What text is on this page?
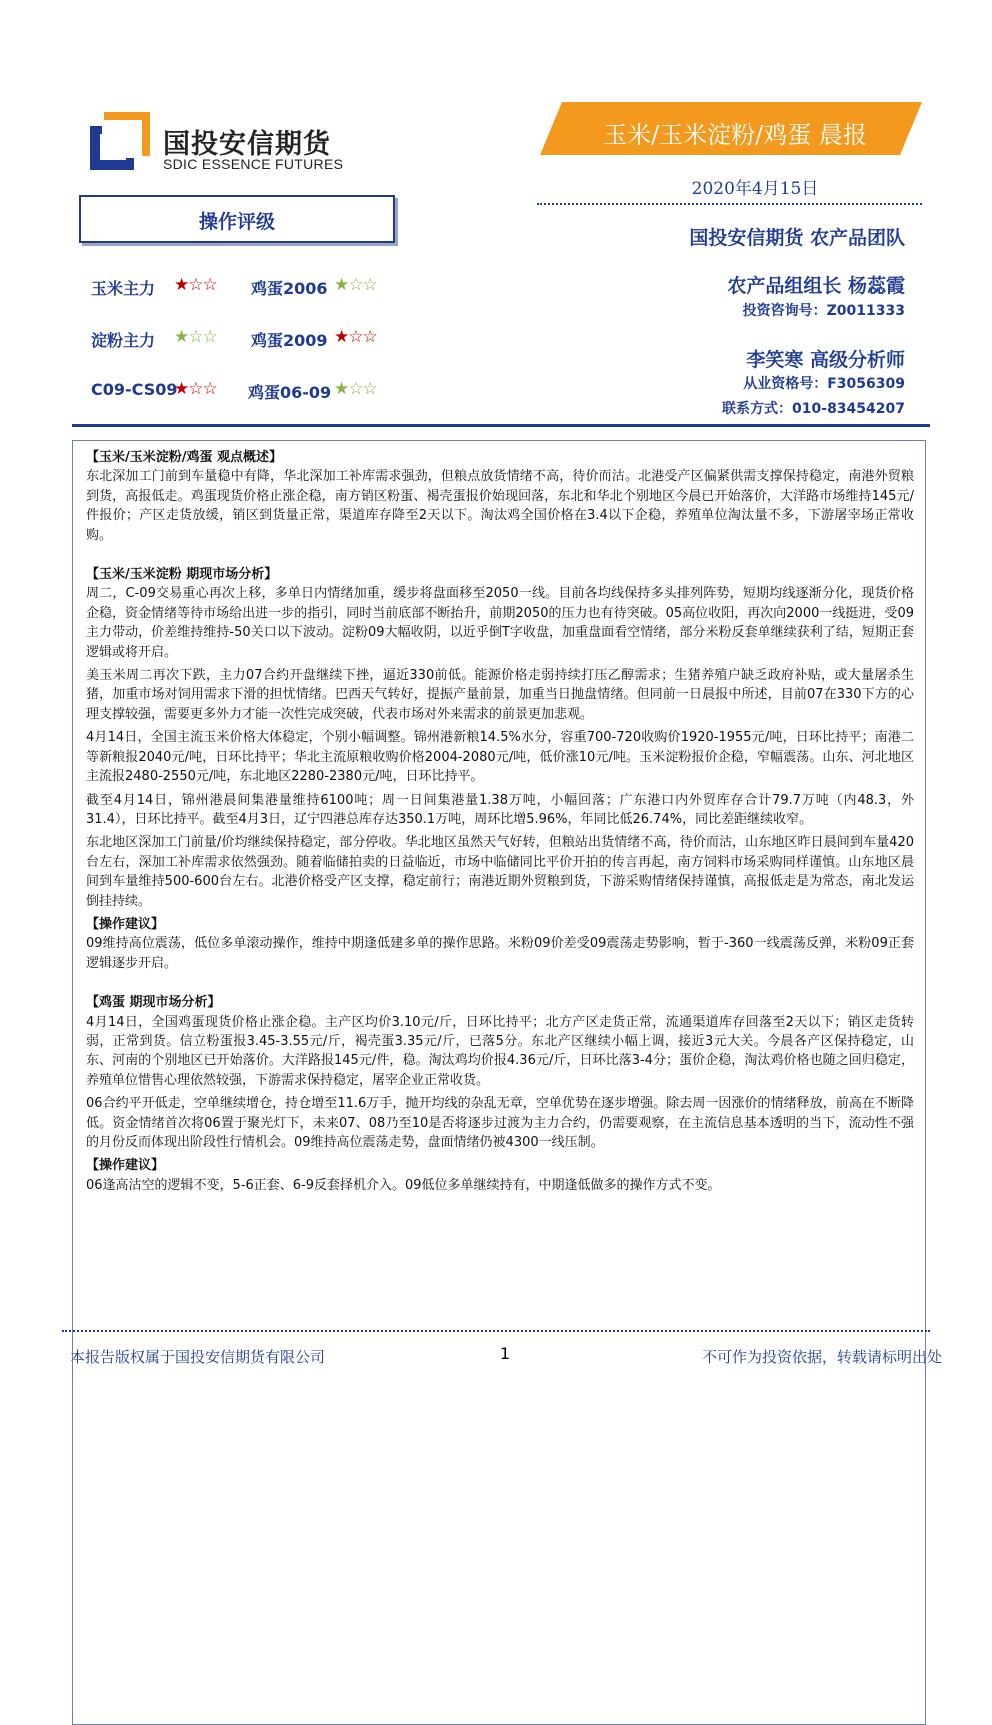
国投安信期货
SDIC ESSENCE FUTURES
玉米/玉米淀粉/鸡蛋 晨报
2020年4月15日
国投安信期货 农产品团队
农产品组组长 杨蕊霞
投资咨询号：Z0011333
李笑寒 高级分析师
从业资格号：F3056309
联系方式：010-83454207
操作评级
玉米主力 ★☆☆ 鸡蛋2006 ★☆☆
淀粉主力 ★☆☆ 鸡蛋2009 ★☆☆
C09-CS09
★☆☆ 鸡蛋06-09 ★☆☆
【玉米/玉米淀粉/鸡蛋 观点概述】

东北深加工门前到车量稳中有降，华北深加工补库需求强劲，但粮点放货情绪不高，待价而沽。北港受产区偏紧供需支撑保持稳定，南港外贸粮到货，高报低走。鸡蛋现货价格止涨企稳，南方销区粉蛋、褐壳蛋报价始现回落，东北和华北个别地区今晨已开始落价，大洋路市场维持145元/件报价；产区走货放缓，销区到货量正常，渠道库存降至2天以下。淘汰鸡全国价格在3.4以下企稳，养殖单位淘汰量不多，下游屠宰场正常收购。

【玉米/玉米淀粉 期现市场分析】

周二，C-09交易重心再次上移，多单日内情绪加重，缓步将盘面移至2050一线。目前各均线保持多头排列阵势，短期均线逐渐分化，现货价格企稳，资金情绪等待市场给出进一步的指引，同时当前底部不断抬升，前期2050的压力也有待突破。05高位收阳，再次向2000一线挺进，受09主力带动，价差维持维持-50关口以下波动。淀粉09大幅收阴，以近乎倒T字收盘，加重盘面看空情绪，部分米粉反套单继续获利了结，短期正套逻辑或将开启。

美玉米周二再次下跌，主力07合约开盘继续下挫，逼近330前低。能源价格走弱持续打压乙醇需求；生猪养殖户缺乏政府补贴，或大量屠杀生猪，加重市场对饲用需求下滑的担忧情绪。巴西天气转好，提振产量前景，加重当日抛盘情绪。但同前一日晨报中所述，目前07在330下方的心理支撑较强，需要更多外力才能一次性完成突破，代表市场对外来需求的前景更加悲观。

4月14日，全国主流玉米价格大体稳定，个别小幅调整。锦州港新粮14.5%水分，容重700-720收购价1920-1955元/吨，日环比持平；南港二等新粮报2040元/吨，日环比持平；华北主流原粮收购价格2004-2080元/吨，低价涨10元/吨。玉米淀粉报价企稳，窄幅震荡。山东、河北地区主流报2480-2550元/吨，东北地区2280-2380元/吨，日环比持平。

截至4月14日，锦州港晨间集港量维持6100吨；周一日间集港量1.38万吨，小幅回落；广东港口内外贸库存合计79.7万吨（内48.3，外31.4），日环比持平。截至4月3日，辽宁四港总库存达350.1万吨，周环比增5.96%，年同比低26.74%，同比差距继续收窄。

东北地区深加工门前量/价均继续保持稳定，部分停收。华北地区虽然天气好转，但粮站出货情绪不高，待价而沽，山东地区昨日晨间到车量420台左右，深加工补库需求依然强劲。随着临储拍卖的日益临近，市场中临储同比平价开拍的传言再起，南方饲料市场采购同样谨慎。山东地区晨间到车量维持500-600台左右。北港价格受产区支撑，稳定前行；南港近期外贸粮到货，下游采购情绪保持谨慎，高报低走是为常态，南北发运倒挂持续。

【操作建议】

09维持高位震荡，低位多单滚动操作，维持中期逢低建多单的操作思路。米粉09价差受09震荡走势影响，暂于-360一线震荡反弹，米粉09正套逻辑逐步开启。

【鸡蛋 期现市场分析】

4月14日，全国鸡蛋现货价格止涨企稳。主产区均价3.10元/斤，日环比持平；北方产区走货正常，流通渠道库存回落至2天以下；销区走货转弱，正常到货。信立粉蛋报3.45-3.55元/斤，褐壳蛋3.35元/斤，已落5分。东北产区继续小幅上调，接近3元大关。今晨各产区保持稳定，山东、河南的个别地区已开始落价。大洋路报145元/件，稳。淘汰鸡均价报4.36元/斤，日环比落3-4分；蛋价企稳，淘汰鸡价格也随之回归稳定，养殖单位惜售心理依然较强，下游需求保持稳定，屠宰企业正常收货。

06合约平开低走，空单继续增仓，持仓增至11.6万手，抛开均线的杂乱无章，空单优势在逐步增强。除去周一因涨价的情绪释放，前高在不断降低。资金情绪首次将06置于聚光灯下，未来07、08乃至10是否将逐步过渡为主力合约，仍需要观察，在主流信息基本透明的当下，流动性不强的月份反而体现出阶段性行情机会。09维持高位震荡走势，盘面情绪仍被4300一线压制。

【操作建议】

06逢高沽空的逻辑不变，5-6正套、6-9反套择机介入。09低位多单继续持有，中期逢低做多的操作方式不变。

本报告版权属于国投安信期货有限公司	1	不可作为投资依据，转载请标明出处
